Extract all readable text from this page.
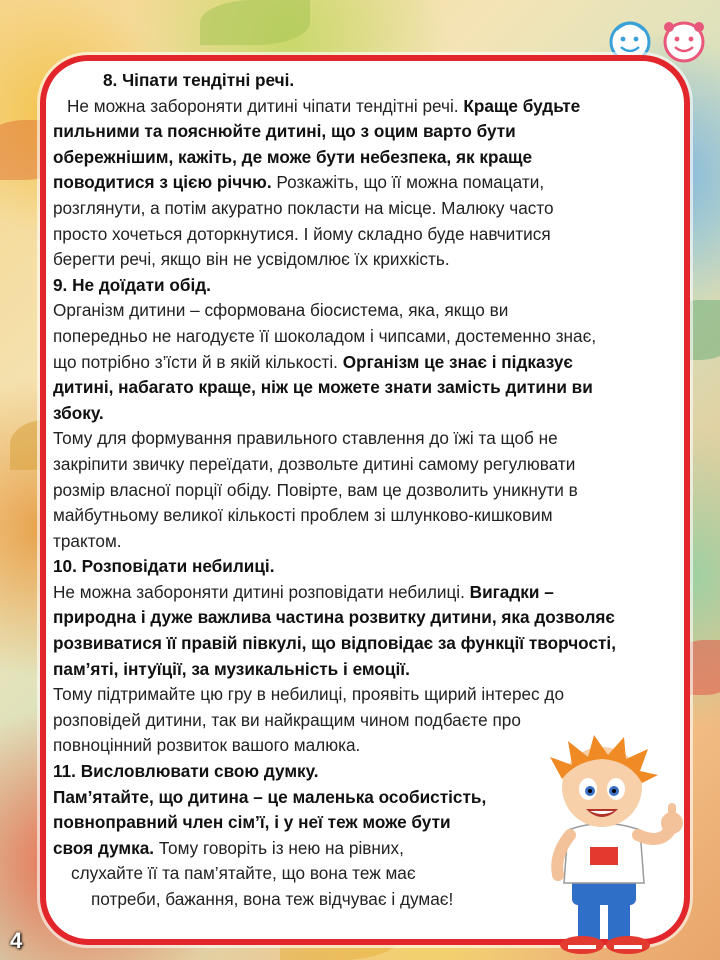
8. Чіпати тендітні речі.

Не можна забороняти дитині чіпати тендітні речі. Краще будьте

пильними та пояснюйте дитині, що з оцим варто бути

обережнішим, кажіть, де може бути небезпека, як краще

поводитися з цією річчю. Розкажіть, що її можна помацати,

розглянути, а потім акуратно покласти на місце. Малюку часто

просто хочеться доторкнутися. І йому складно буде навчитися

берегти речі, якщо він не усвідомлює їх крихкість.

9. Не доїдати обід.

Організм дитини – сформована біосистема, яка, якщо ви

попередньо не нагодуєте її шоколадом і чипсами, достеменно знає,

що потрібно з’їсти й в якій кількості. Організм це знає і підказує

дитині, набагато краще, ніж це можете знати замість дитини ви

збоку.

Тому для формування правильного ставлення до їжі та щоб не

закріпити звичку переїдати, дозвольте дитині самому регулювати

розмір власної порції обіду. Повірте, вам це дозволить уникнути в

майбутньому великої кількості проблем зі шлунково-кишковим

трактом.

10. Розповідати небилиці.

Не можна забороняти дитині розповідати небилиці. Вигадки –

природна і дуже важлива частина розвитку дитини, яка дозволяє

розвиватися її правій півкулі, що відповідає за функції творчості,

пам’яті, інтуїції, за музикальність і емоції.

Тому підтримайте цю гру в небилиці, проявіть щирий інтерес до

розповідей дитини, так ви найкращим чином подбаєте про

повноцінний розвиток вашого малюка.

11. Висловлювати свою думку.

Пам’ятайте, що дитина – це маленька особистість,

повноправний член сім’ї, і у неї теж може бути

своя думка. Тому говоріть із нею на рівних,

слухайте її та пам’ятайте, що вона теж має

потреби, бажання, вона теж відчуває і думає!

4
